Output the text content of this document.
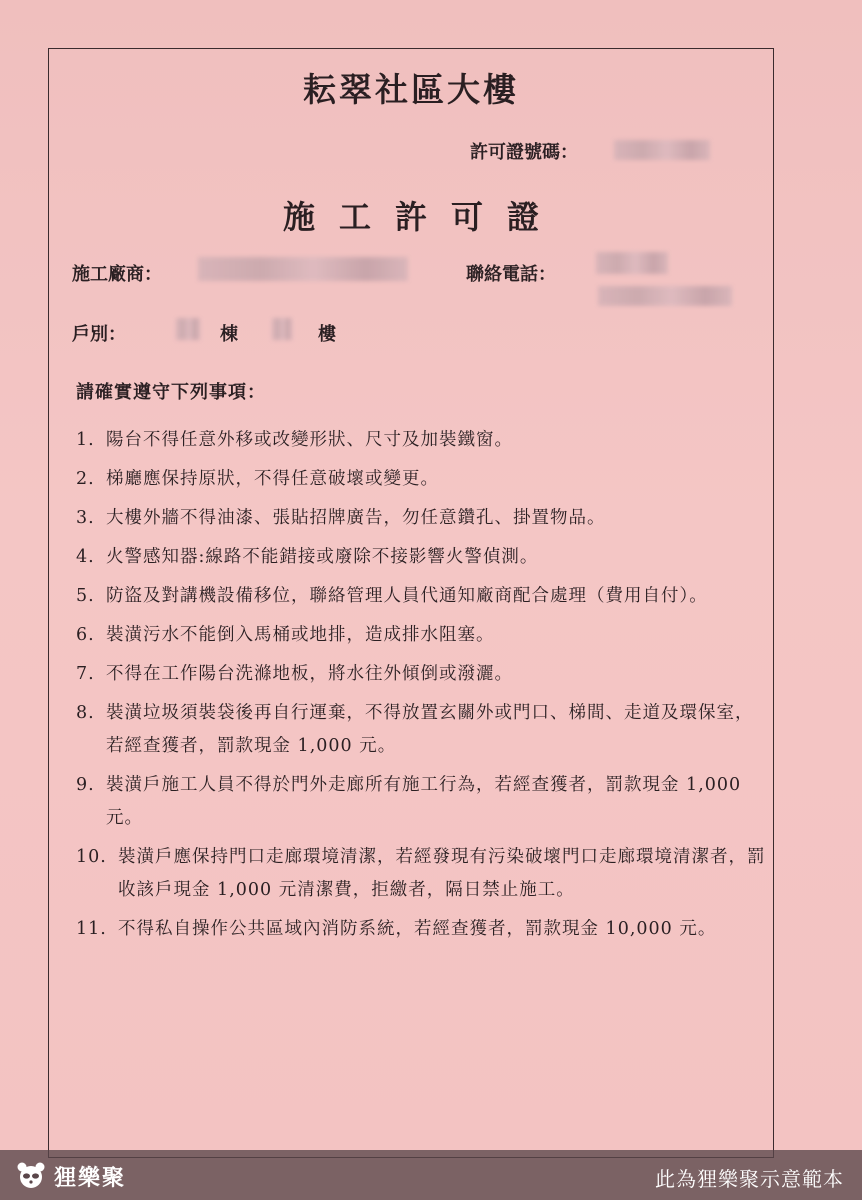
耘翠社區大樓
許可證號碼：
施工許可證
施工廠商：	聯絡電話：
戶別：	棟	樓
請確實遵守下列事項：
1. 陽台不得任意外移或改變形狀、尺寸及加裝鐵窗。
2. 梯廳應保持原狀，不得任意破壞或變更。
3. 大樓外牆不得油漆、張貼招牌廣告，勿任意鑽孔、掛置物品。
4. 火警感知器:線路不能錯接或廢除不接影響火警偵測。
5. 防盜及對講機設備移位，聯絡管理人員代通知廠商配合處理（費用自付）。
6. 裝潢污水不能倒入馬桶或地排，造成排水阻塞。
7. 不得在工作陽台洗滌地板，將水往外傾倒或潑灑。
8. 裝潢垃圾須裝袋後再自行運棄，不得放置玄關外或門口、梯間、走道及環保室，若經查獲者，罰款現金 1,000 元。
9. 裝潢戶施工人員不得於門外走廊所有施工行為，若經查獲者，罰款現金 1,000 元。
10. 裝潢戶應保持門口走廊環境清潔，若經發現有污染破壞門口走廊環境清潔者，罰收該戶現金 1,000 元清潔費，拒繳者，隔日禁止施工。
11. 不得私自操作公共區域內消防系統，若經查獲者，罰款現金 10,000 元。
狸樂聚	此為狸樂聚示意範本
